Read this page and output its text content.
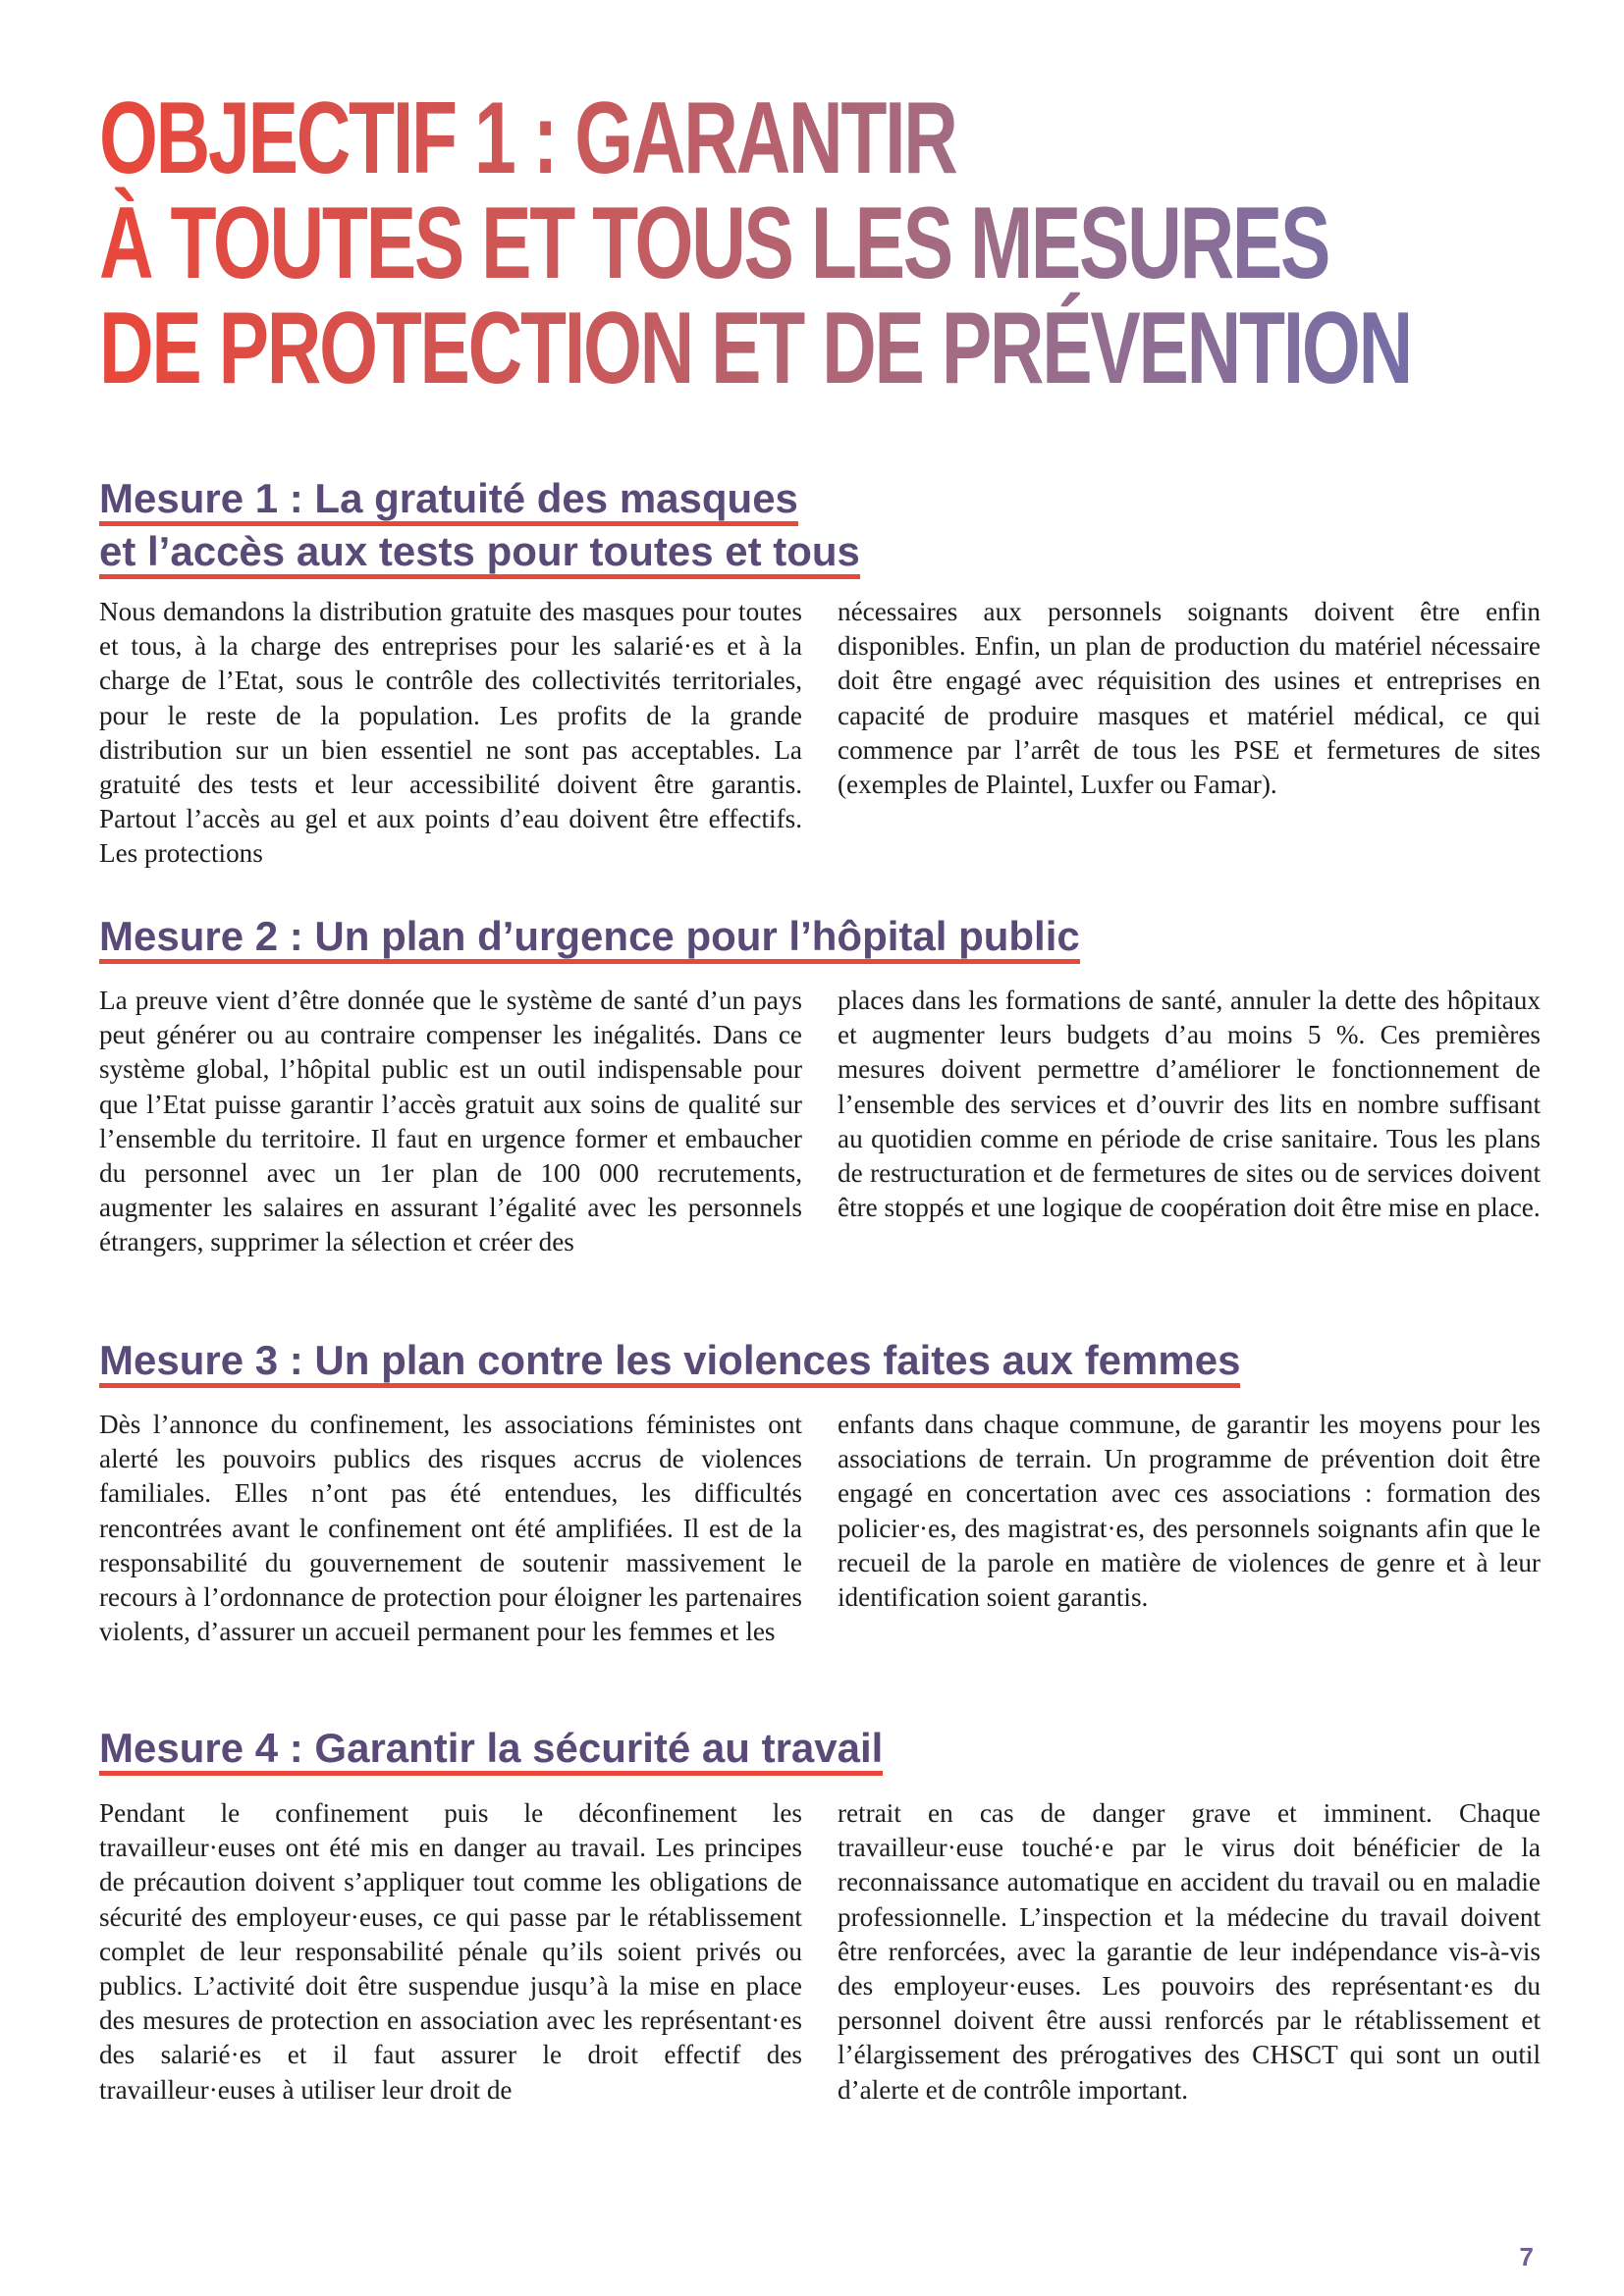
OBJECTIF 1 : GARANTIR
À TOUTES ET TOUS LES MESURES
DE PROTECTION ET DE PRÉVENTION
Mesure 1 : La gratuité des masques
et l’accès aux tests pour toutes et tous

Nous demandons la distribution gratuite des masques pour toutes et tous, à la charge des entreprises pour les salarié·es et à la charge de l’Etat, sous le contrôle des collectivités territoriales, pour le reste de la population. Les profits de la grande distribution sur un bien essentiel ne sont pas acceptables. La gratuité des tests et leur accessibilité doivent être garantis. Partout l’accès au gel et aux points d’eau doivent être effectifs. Les protections

nécessaires aux personnels soignants doivent être enfin disponibles. Enfin, un plan de production du matériel nécessaire doit être engagé avec réquisition des usines et entreprises en capacité de produire masques et matériel médical, ce qui commence par l’arrêt de tous les PSE et fermetures de sites (exemples de Plaintel, Luxfer ou Famar).

Mesure 2 : Un plan d’urgence pour l’hôpital public

La preuve vient d’être donnée que le système de santé d’un pays peut générer ou au contraire compenser les inégalités. Dans ce système global, l’hôpital public est un outil indispensable pour que l’Etat puisse garantir l’accès gratuit aux soins de qualité sur l’ensemble du territoire. Il faut en urgence former et embaucher du personnel avec un 1er plan de 100 000 recrutements, augmenter les salaires en assurant l’égalité avec les personnels étrangers, supprimer la sélection et créer des

places dans les formations de santé, annuler la dette des hôpitaux et augmenter leurs budgets d’au moins 5 %. Ces premières mesures doivent permettre d’améliorer le fonctionnement de l’ensemble des services et d’ouvrir des lits en nombre suffisant au quotidien comme en période de crise sanitaire. Tous les plans de restructuration et de fermetures de sites ou de services doivent être stoppés et une logique de coopération doit être mise en place.

Mesure 3 : Un plan contre les violences faites aux femmes

Dès l’annonce du confinement, les associations féministes ont alerté les pouvoirs publics des risques accrus de violences familiales. Elles n’ont pas été entendues, les difficultés rencontrées avant le confinement ont été amplifiées. Il est de la responsabilité du gouvernement de soutenir massivement le recours à l’ordonnance de protection pour éloigner les partenaires violents, d’assurer un accueil permanent pour les femmes et les

enfants dans chaque commune, de garantir les moyens pour les associations de terrain. Un programme de prévention doit être engagé en concertation avec ces associations : formation des policier·es, des magistrat·es, des personnels soignants afin que le recueil de la parole en matière de violences de genre et à leur identification soient garantis.

Mesure 4 : Garantir la sécurité au travail

Pendant le confinement puis le déconfinement les travailleur·euses ont été mis en danger au travail. Les principes de précaution doivent s’appliquer tout comme les obligations de sécurité des employeur·euses, ce qui passe par le rétablissement complet de leur responsabilité pénale qu’ils soient privés ou publics. L’activité doit être suspendue jusqu’à la mise en place des mesures de protection en association avec les représentant·es des salarié·es et il faut assurer le droit effectif des travailleur·euses à utiliser leur droit de

retrait en cas de danger grave et imminent. Chaque travailleur·euse touché·e par le virus doit bénéficier de la reconnaissance automatique en accident du travail ou en maladie professionnelle. L’inspection et la médecine du travail doivent être renforcées, avec la garantie de leur indépendance vis-à-vis des employeur·euses. Les pouvoirs des représentant·es du personnel doivent être aussi renforcés par le rétablissement et l’élargissement des prérogatives des CHSCT qui sont un outil d’alerte et de contrôle important.

7
